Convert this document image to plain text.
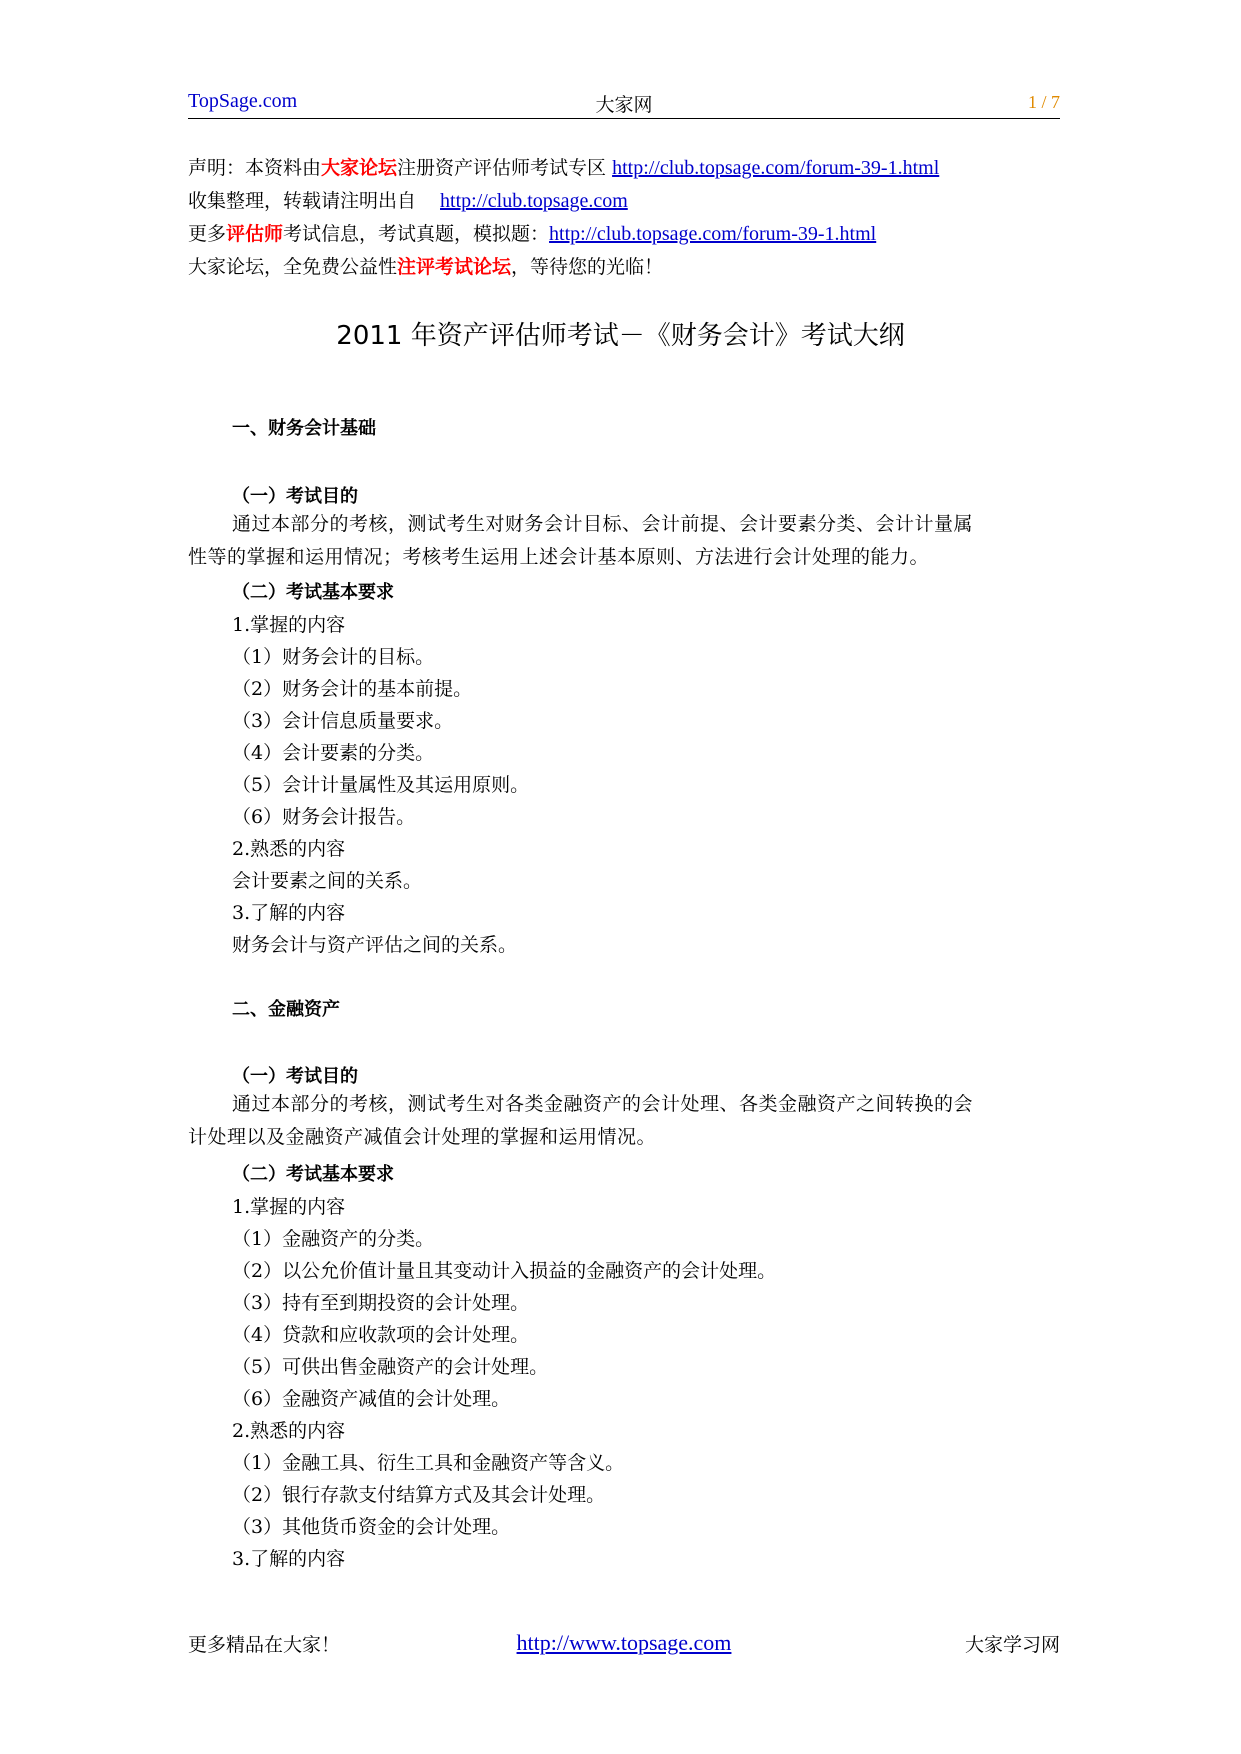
TopSage.com	大家网	1 / 7
声明：本资料由大家论坛注册资产评估师考试专区 http://club.topsage.com/forum-39-1.html
收集整理，转载请注明出自 http://club.topsage.com
更多评估师考试信息，考试真题，模拟题：http://club.topsage.com/forum-39-1.html
大家论坛，全免费公益性注评考试论坛，等待您的光临！
2011 年资产评估师考试－《财务会计》考试大纲
一、财务会计基础
（一）考试目的
通过本部分的考核，测试考生对财务会计目标、会计前提、会计要素分类、会计计量属
性等的掌握和运用情况；考核考生运用上述会计基本原则、方法进行会计处理的能力。
（二）考试基本要求
1.掌握的内容
（1）财务会计的目标。
（2）财务会计的基本前提。
（3）会计信息质量要求。
（4）会计要素的分类。
（5）会计计量属性及其运用原则。
（6）财务会计报告。
2.熟悉的内容
会计要素之间的关系。
3.了解的内容
财务会计与资产评估之间的关系。
二、金融资产
（一）考试目的
通过本部分的考核，测试考生对各类金融资产的会计处理、各类金融资产之间转换的会
计处理以及金融资产减值会计处理的掌握和运用情况。
（二）考试基本要求
1.掌握的内容
（1）金融资产的分类。
（2）以公允价值计量且其变动计入损益的金融资产的会计处理。
（3）持有至到期投资的会计处理。
（4）贷款和应收款项的会计处理。
（5）可供出售金融资产的会计处理。
（6）金融资产减值的会计处理。
2.熟悉的内容
（1）金融工具、衍生工具和金融资产等含义。
（2）银行存款支付结算方式及其会计处理。
（3）其他货币资金的会计处理。
3.了解的内容
更多精品在大家！	http://www.topsage.com	大家学习网
